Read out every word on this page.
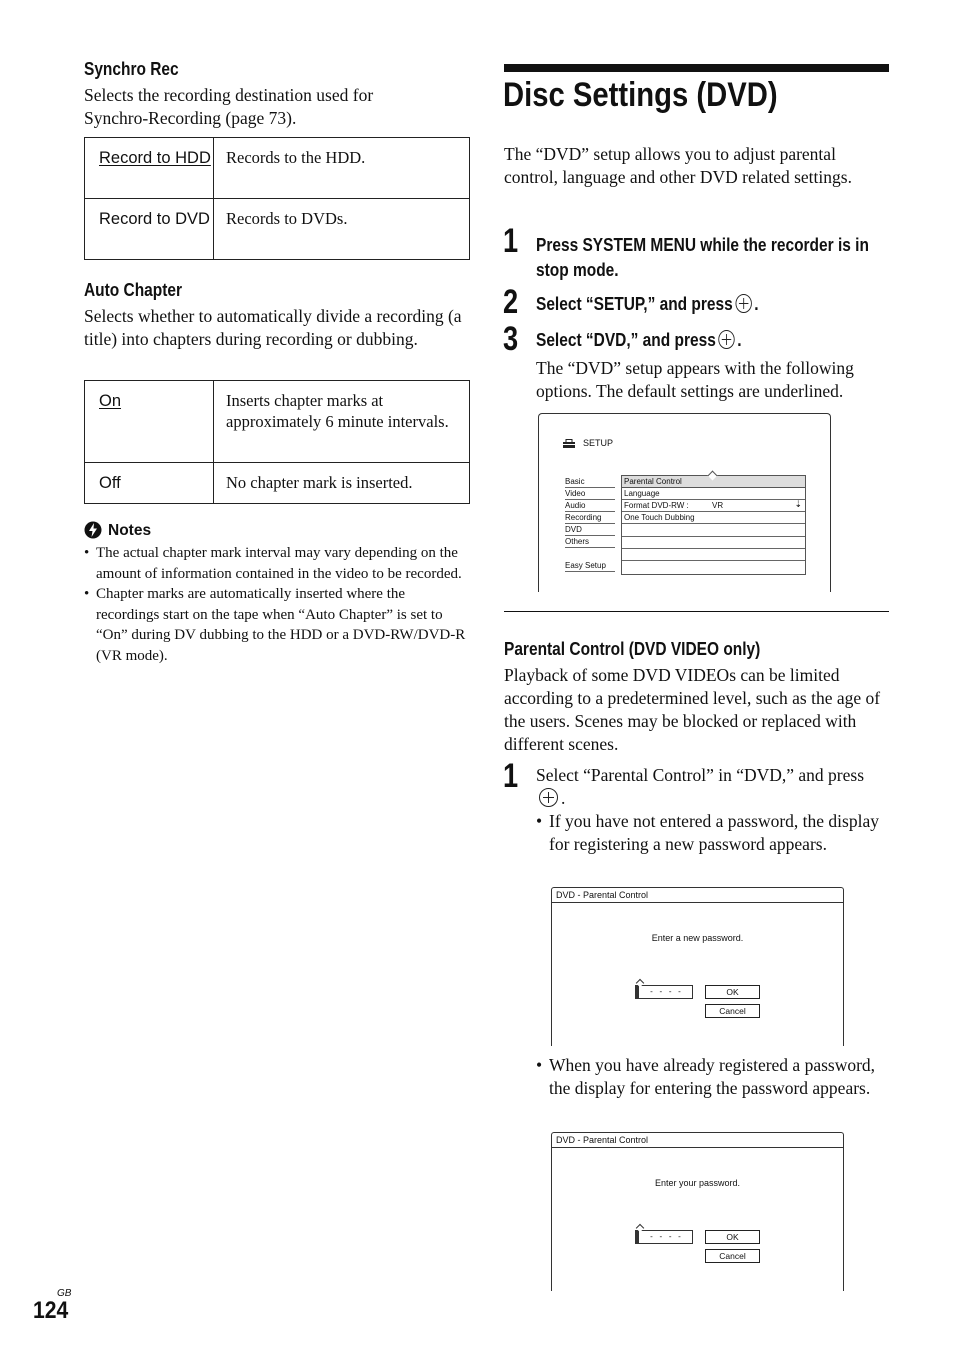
Synchro Rec
Selects the recording destination used for Synchro-Recording (page 73).
Record to HDD	Records to the HDD.
Record to DVD	Records to DVDs.
Auto Chapter
Selects whether to automatically divide a recording (a title) into chapters during recording or dubbing.
On	Inserts chapter marks at approximately 6 minute intervals.
Off	No chapter mark is inserted.
Notes
• The actual chapter mark interval may vary depending on the amount of information contained in the video to be recorded.
• Chapter marks are automatically inserted where the recordings start on the tape when “Auto Chapter” is set to “On” during DV dubbing to the HDD or a DVD-RW/DVD-R (VR mode).
Disc Settings (DVD)
The “DVD” setup allows you to adjust parental control, language and other DVD related settings.
1 Press SYSTEM MENU while the recorder is in stop mode.
2 Select “SETUP,” and press .
3 Select “DVD,” and press .
The “DVD” setup appears with the following options. The default settings are underlined.
SETUP
Basic
Video
Audio
Recording
DVD
Others
Easy Setup
Parental Control
Language
Format DVD-RW :	VR	⇣
One Touch Dubbing
Parental Control (DVD VIDEO only)
Playback of some DVD VIDEOs can be limited according to a predetermined level, such as the age of the users. Scenes may be blocked or replaced with different scenes.
1 Select “Parental Control” in “DVD,” and press.
• If you have not entered a password, the display for registering a new password appears.
DVD - Parental Control
Enter a new password.
-   -   -   -	OK
Cancel
• When you have already registered a password, the display for entering the password appears.
DVD - Parental Control
Enter your password.
-   -   -   -	OK
Cancel
GB
124
